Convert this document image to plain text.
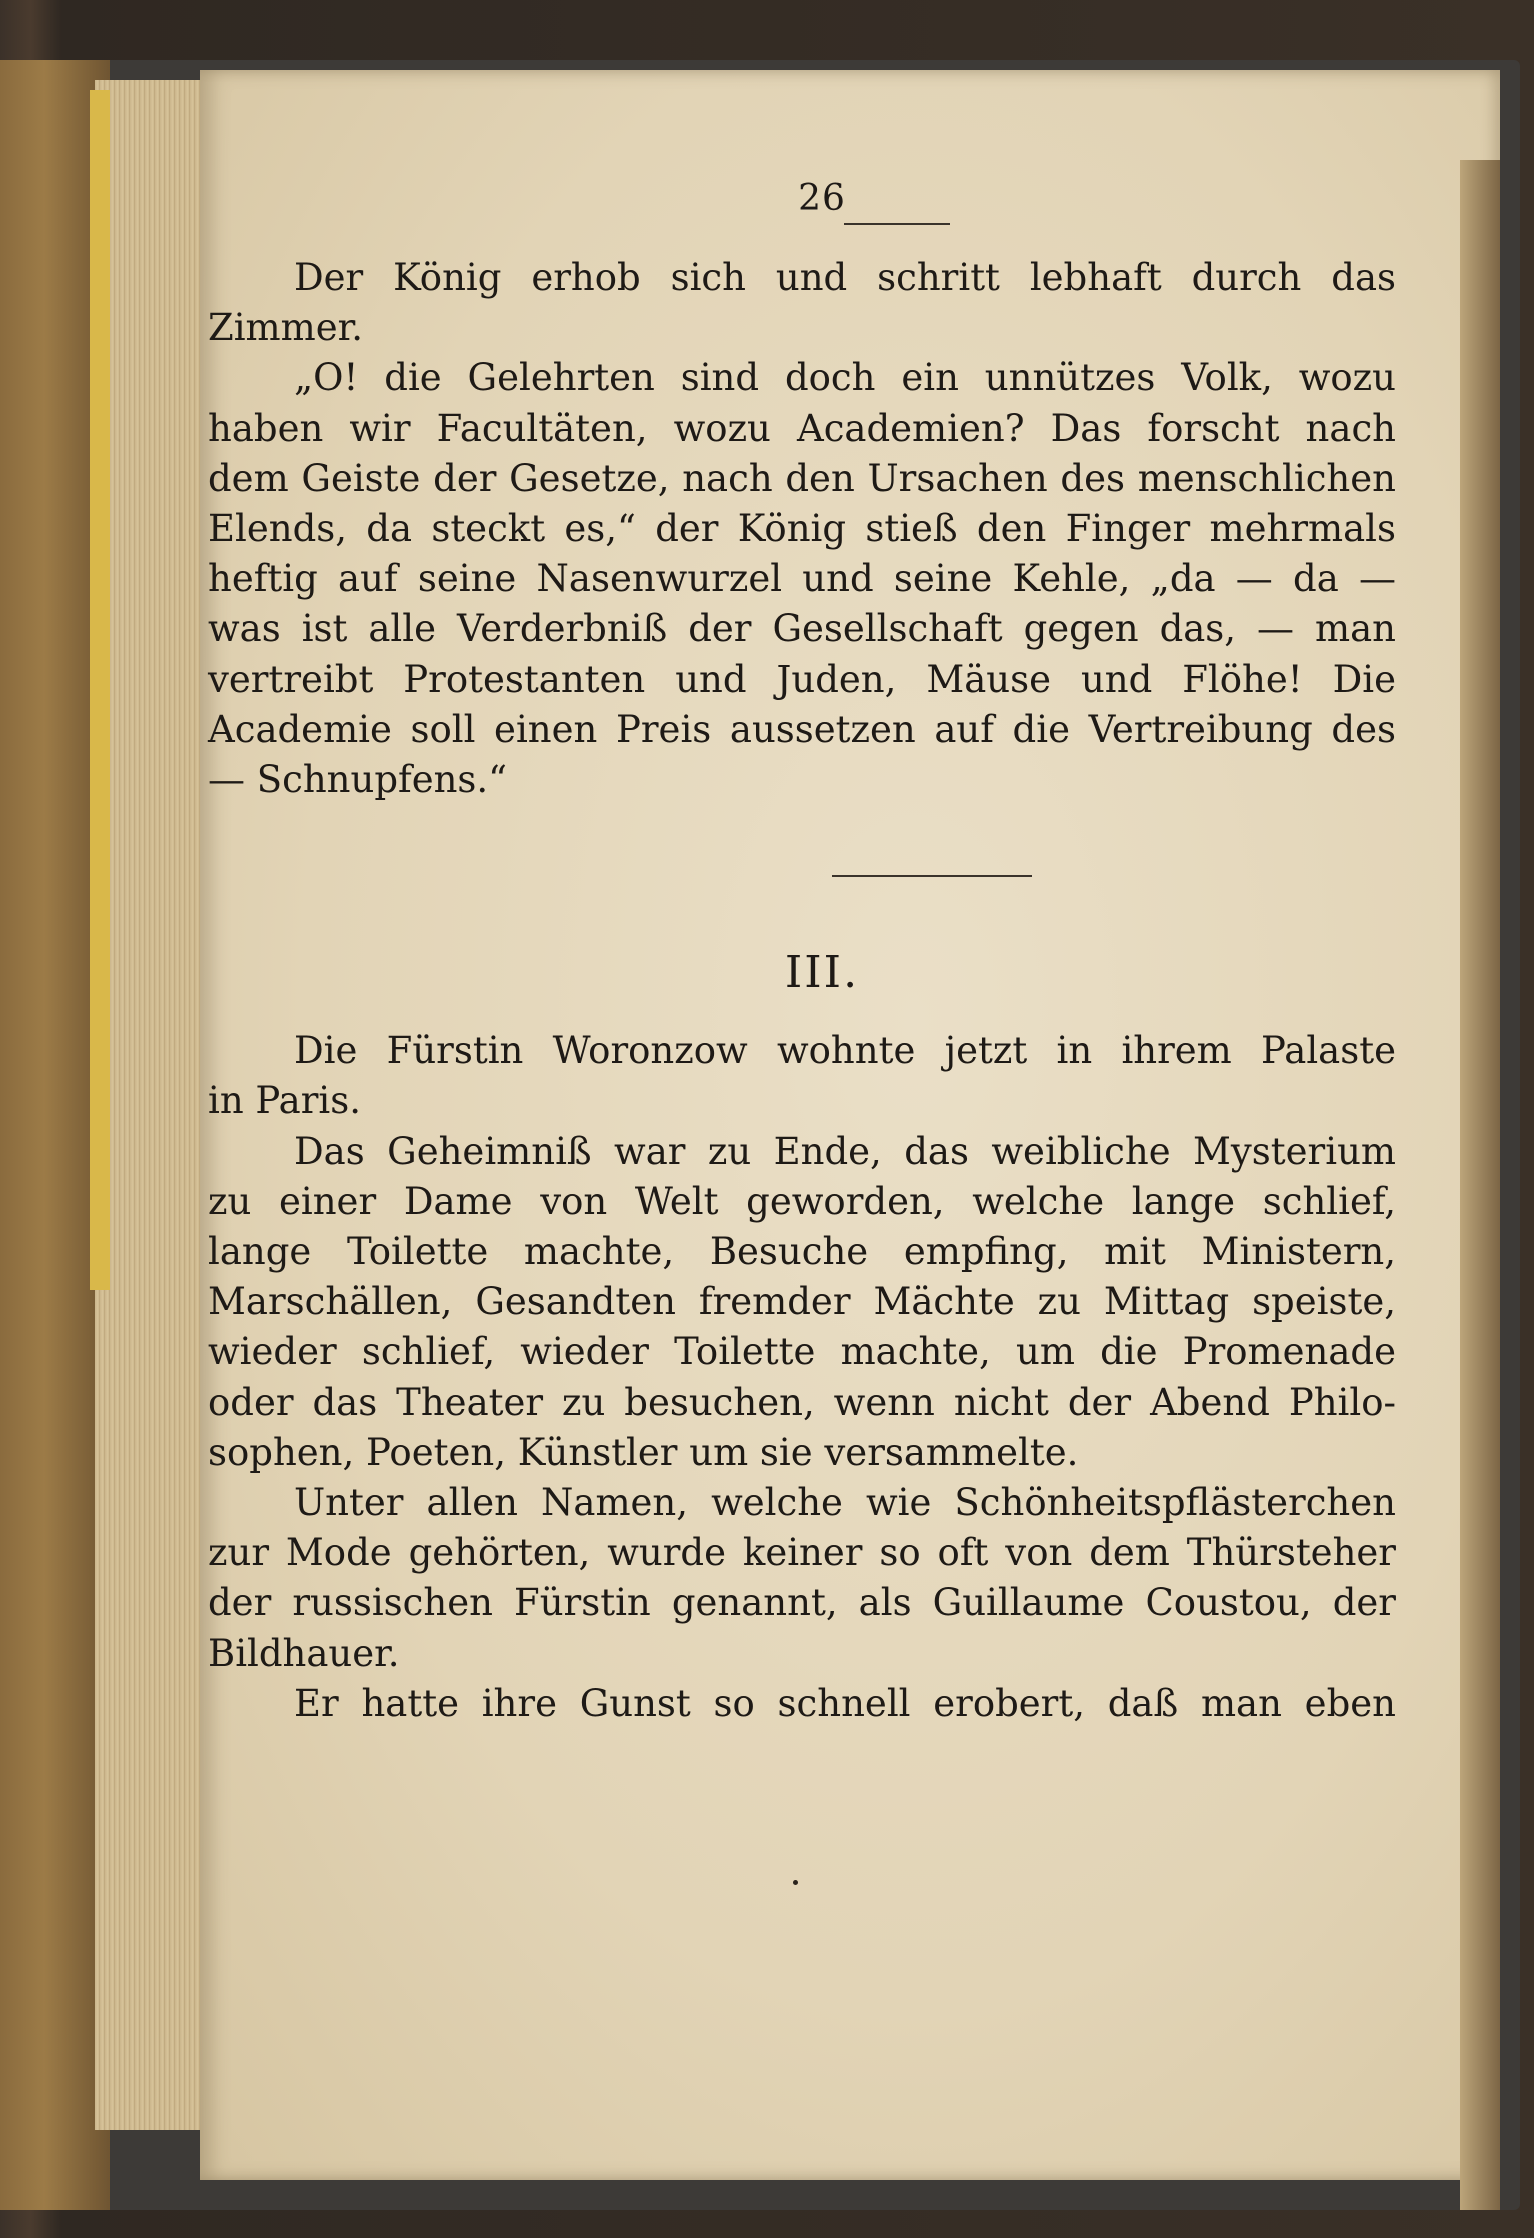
26

Der König erhob sich und schritt lebhaft durch das

Zimmer.

„O! die Gelehrten sind doch ein unnützes Volk, wozu

haben wir Facultäten, wozu Academien? Das forscht nach

dem Geiste der Gesetze, nach den Ursachen des menschlichen

Elends, da steckt es,“ der König stieß den Finger mehrmals

heftig auf seine Nasenwurzel und seine Kehle, „da — da —

was ist alle Verderbniß der Gesellschaft gegen das, — man

vertreibt Protestanten und Juden, Mäuse und Flöhe! Die

Academie soll einen Preis aussetzen auf die Vertreibung des

— Schnupfens.“

III.

Die Fürstin Woronzow wohnte jetzt in ihrem Palaste

in Paris.

Das Geheimniß war zu Ende, das weibliche Mysterium

zu einer Dame von Welt geworden, welche lange schlief,

lange Toilette machte, Besuche empfing, mit Ministern,

Marschällen, Gesandten fremder Mächte zu Mittag speiste,

wieder schlief, wieder Toilette machte, um die Promenade

oder das Theater zu besuchen, wenn nicht der Abend Philo-

sophen, Poeten, Künstler um sie versammelte.

Unter allen Namen, welche wie Schönheitspflästerchen

zur Mode gehörten, wurde keiner so oft von dem Thürsteher

der russischen Fürstin genannt, als Guillaume Coustou, der

Bildhauer.

Er hatte ihre Gunst so schnell erobert, daß man eben
